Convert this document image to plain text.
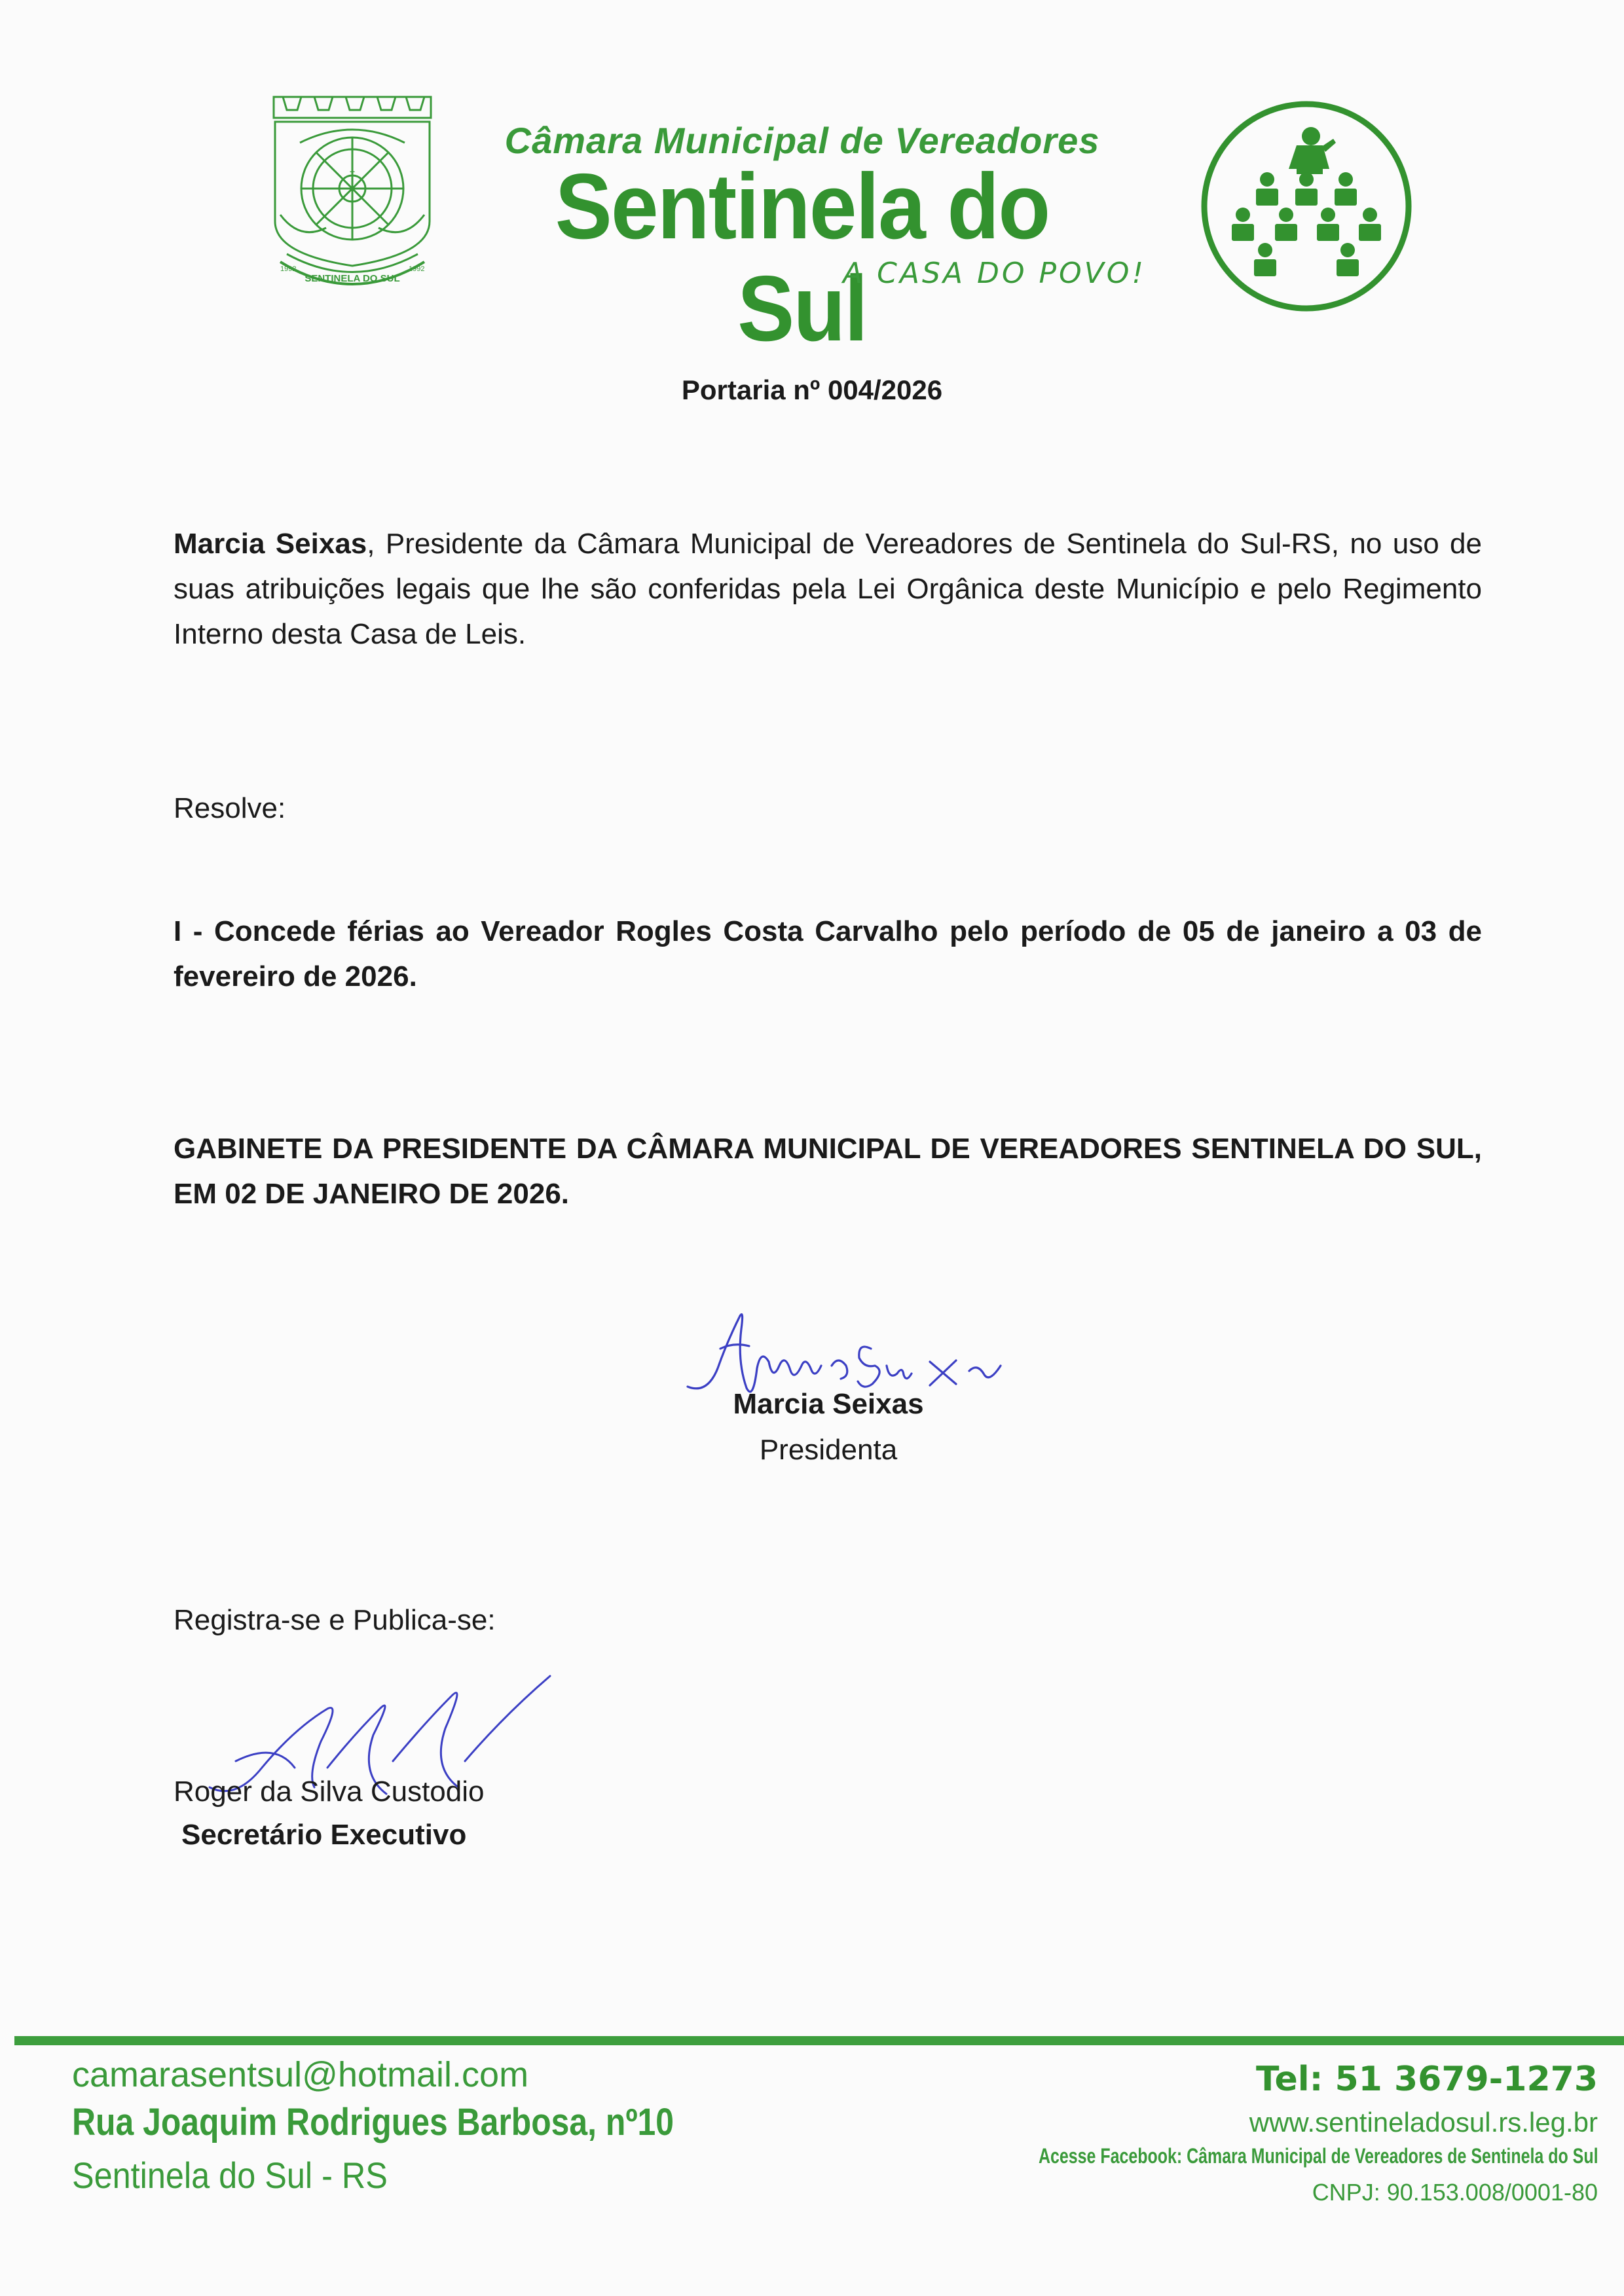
†
SENTINELA DO SUL
1992	1992
Câmara Municipal de Vereadores
Sentinela do Sul
A CASA DO POVO!
Portaria nº 004/2026
Marcia Seixas, Presidente da Câmara Municipal de Vereadores de Sentinela do Sul-RS, no uso de suas atribuições legais que lhe são conferidas pela Lei Orgânica deste Município e pelo Regimento Interno desta Casa de Leis.
Resolve:
I - Concede férias ao Vereador Rogles Costa Carvalho pelo período de 05 de janeiro a 03 de fevereiro de 2026.
GABINETE DA PRESIDENTE DA CÂMARA MUNICIPAL DE VEREADORES SENTINELA DO SUL, EM 02 DE JANEIRO DE 2026.
Marcia Seixas
Presidenta
Registra-se e Publica-se:
Roger da Silva Custodio
Secretário Executivo
camarasentsul@hotmail.com
Rua Joaquim Rodrigues Barbosa, nº10
Sentinela do Sul - RS
Tel: 51 3679-1273
www.sentineladosul.rs.leg.br
Acesse Facebook: Câmara Municipal de Vereadores de Sentinela do Sul
CNPJ: 90.153.008/0001-80
